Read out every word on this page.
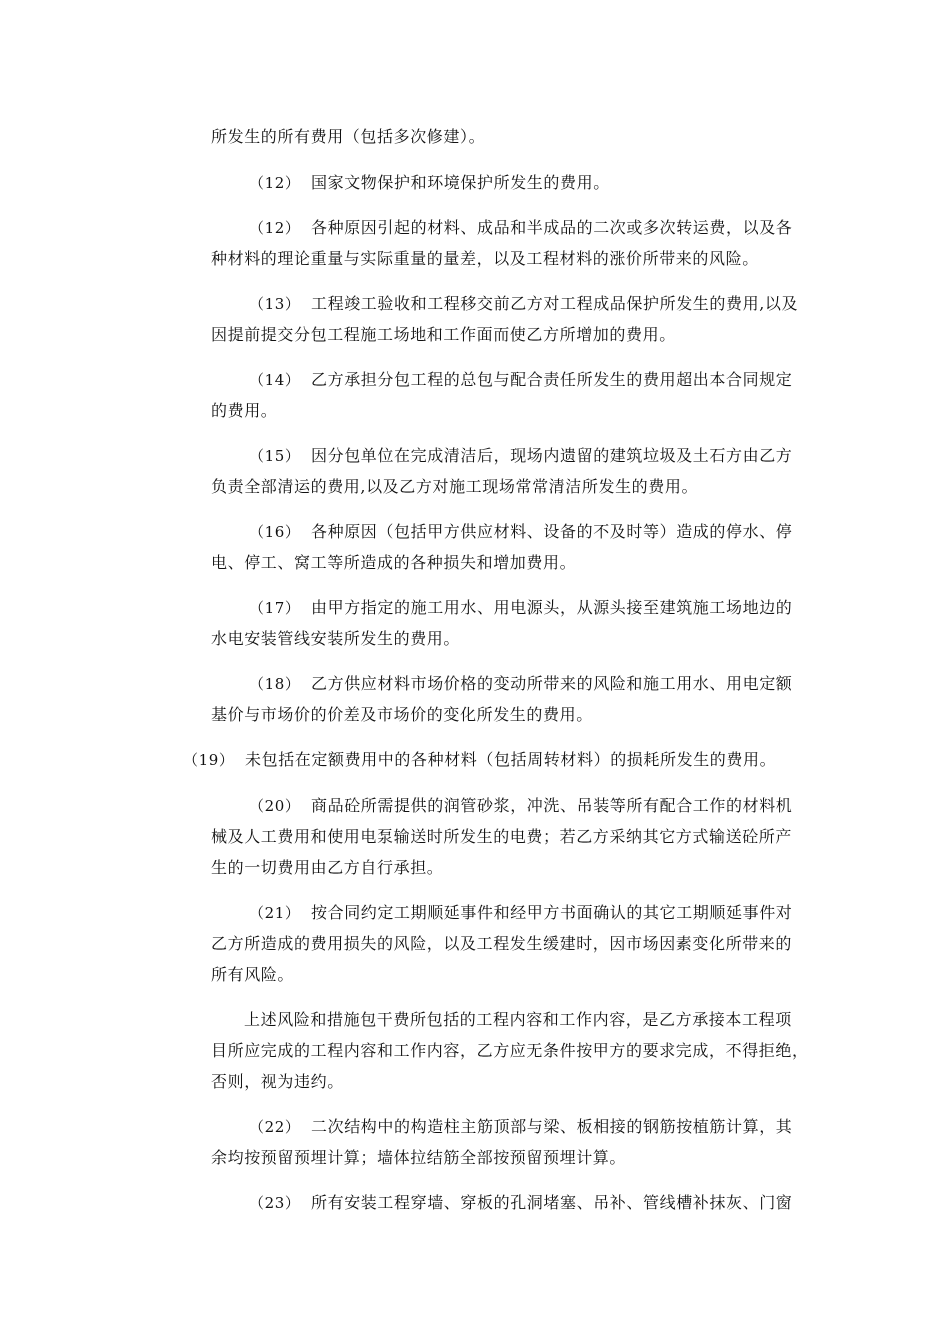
所发生的所有费用（包括多次修建）。
（12） 国家文物保护和环境保护所发生的费用。
（12） 各种原因引起的材料、成品和半成品的二次或多次转运费，以及各
种材料的理论重量与实际重量的量差，以及工程材料的涨价所带来的风险。
（13） 工程竣工验收和工程移交前乙方对工程成品保护所发生的费用,以及
因提前提交分包工程施工场地和工作面而使乙方所增加的费用。
（14） 乙方承担分包工程的总包与配合责任所发生的费用超出本合同规定
的费用。
（15） 因分包单位在完成清洁后，现场内遗留的建筑垃圾及土石方由乙方
负责全部清运的费用,以及乙方对施工现场常常清洁所发生的费用。
（16） 各种原因（包括甲方供应材料、设备的不及时等）造成的停水、停
电、停工、窝工等所造成的各种损失和增加费用。
（17） 由甲方指定的施工用水、用电源头，从源头接至建筑施工场地边的
水电安装管线安装所发生的费用。
（18） 乙方供应材料市场价格的变动所带来的风险和施工用水、用电定额
基价与市场价的价差及市场价的变化所发生的费用。
（19） 未包括在定额费用中的各种材料（包括周转材料）的损耗所发生的费用。
（20） 商品砼所需提供的润管砂浆，冲洗、吊装等所有配合工作的材料机
械及人工费用和使用电泵输送时所发生的电费；若乙方采纳其它方式输送砼所产
生的一切费用由乙方自行承担。
（21） 按合同约定工期顺延事件和经甲方书面确认的其它工期顺延事件对
乙方所造成的费用损失的风险，以及工程发生缓建时，因市场因素变化所带来的
所有风险。
上述风险和措施包干费所包括的工程内容和工作内容，是乙方承接本工程项
目所应完成的工程内容和工作内容，乙方应无条件按甲方的要求完成，不得拒绝，
否则，视为违约。
（22） 二次结构中的构造柱主筋顶部与梁、板相接的钢筋按植筋计算，其
余均按预留预埋计算；墙体拉结筋全部按预留预埋计算。
（23） 所有安装工程穿墙、穿板的孔洞堵塞、吊补、管线槽补抹灰、门窗
